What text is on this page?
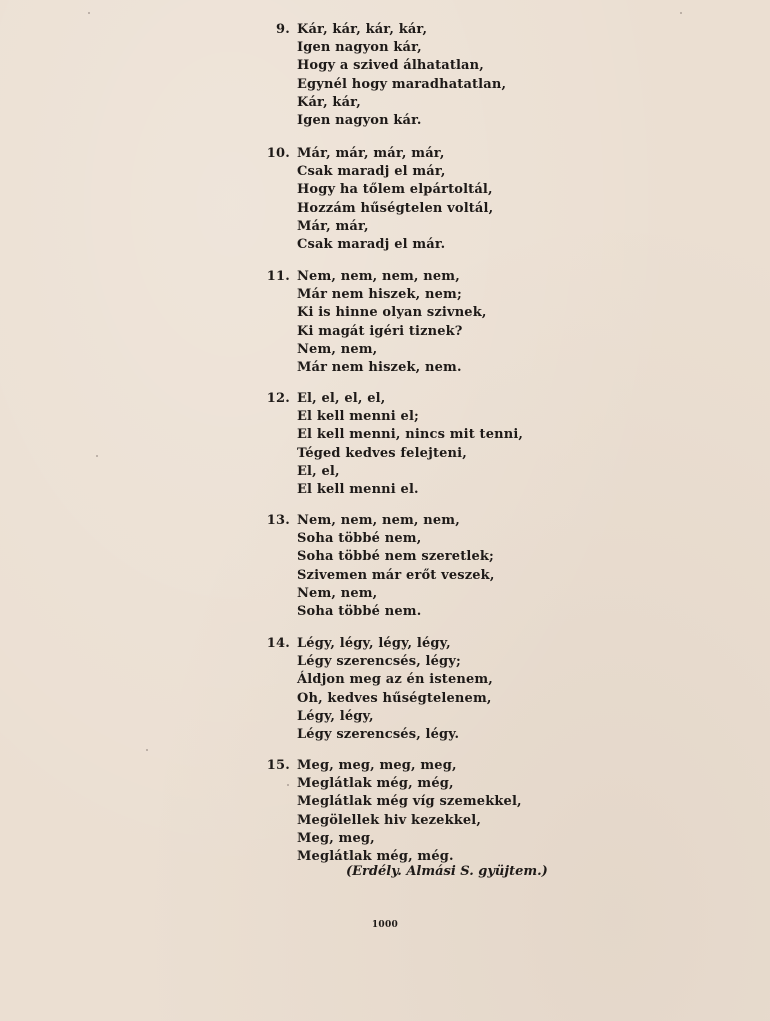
9. Kár, kár, kár, kár,
Igen nagyon kár,
Hogy a szived álhatatlan,
Egynél hogy maradhatatlan,
Kár, kár,
Igen nagyon kár.
10. Már, már, már, már,
Csak maradj el már,
Hogy ha tőlem elpártoltál,
Hozzám hűségtelen voltál,
Már, már,
Csak maradj el már.
11. Nem, nem, nem, nem,
Már nem hiszek, nem;
Ki is hinne olyan szivnek,
Ki magát igéri tiznek?
Nem, nem,
Már nem hiszek, nem.
12. El, el, el, el,
El kell menni el;
El kell menni, nincs mit tenni,
Téged kedves felejteni,
El, el,
El kell menni el.
13. Nem, nem, nem, nem,
Soha többé nem,
Soha többé nem szeretlek;
Szivemen már erőt veszek,
Nem, nem,
Soha többé nem.
14. Légy, légy, légy, légy,
Légy szerencsés, légy;
Áldjon meg az én istenem,
Oh, kedves hűségtelenem,
Légy, légy,
Légy szerencsés, légy.
15. Meg, meg, meg, meg,
Meglátlak még, még,
Meglátlak még víg szemekkel,
Megölellek hiv kezekkel,
Meg, meg,
Meglátlak még, még.
(Erdély. Almási S. gyüjtem.)
1000
